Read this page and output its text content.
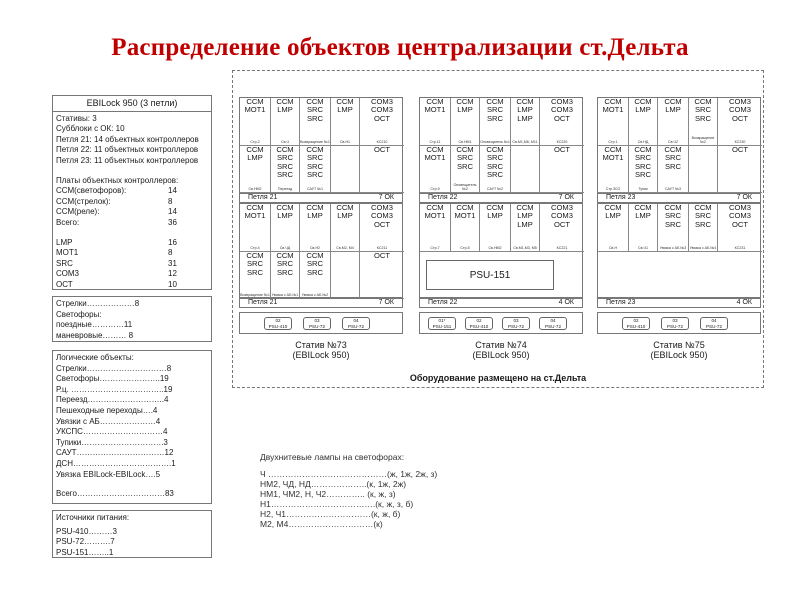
Распределение объектов централизации ст.Дельта
EBILock 950 (3 петли)
Стативы: 3
Субблоки с ОК: 10
Петля 21: 14 объектных контроллеров
Петля 22: 11 объектных контроллеров
Петля 23: 11 объектных контроллеров
Платы объектных контроллеров:
ССМ(светофоров):	14
ССМ(стрелок):	8
ССМ(реле):	14
Всего:	36
LMP	16
МОТ1	8
SRC	31
СОМ3	12
ОСТ	10
Стрелки………………8
Светофоры:
поездные…………11
маневровые……… 8
Логические объекты:
Стрелки…………………………8
Светофоры…………………..19
Р.ц. ……………………………..19
Переезд………………………..4
Пешеходные переходы….4
Увязки с АБ…………………4
УКСПС…………………………4
Тупики………………………….3
САУТ……………………………12
ДСН……………………………….1
Увязка EBILock-EBILock….5
Всего……………………………83
Источники питания:
PSU-410………3
PSU-72……….7
PSU-151……..1
Оборудование размещено на ст.Дельта
CCM
MOT1
Стр.2
CCM
LMP
Св.Ч
CCM
SRC
SRC
Возвращение №1
CCM
LMP
Св.Н1
COM3
COM3
OCT
КС210
CCM
LMP
Св.НМ2
CCM
SRC
SRC
SRC
Переезд
CCM
SRC
SRC
SRC
САУТ №1
OCT
Петля 21	7 ОК
CCM
MOT1
Стр.4
CCM
LMP
Св.ЧД
CCM
LMP
Св.Н2
CCM
LMP
Св.М2, М4
COM3
COM3
OCT
КС211
CCM
SRC
SRC
Возвращение №1
CCM
SRC
SRC
Увязка с АБ №1
CCM
SRC
SRC
Увязка с АБ №2
OCT
Петля 21	7 ОК
02
PSU-410
03
PSU-72
04
PSU-72
Статив №73
(EBILock 950)
CCM
MOT1
Стр.11
CCM
LMP
Св.НМ1
CCM
SRC
SRC
Оповещатель №1
CCM
LMP
LMP
Св.М1,М6, М11
COM3
COM3
OCT
КС220
CCM
MOT1
Стр.9
CCM
SRC
SRC
Оповещатель №2
CCM
SRC
SRC
SRC
САУТ №2
OCT
Петля 22	7 ОК
CCM
MOT1
Стр.7
CCM
MOT1
Стр.5
CCM
LMP
Св.НМ2
CCM
LMP
LMP
Св.М1,М3, М5
COM3
COM3
OCT
КС221
PSU-151
Петля 22	4 ОК
01*
PSU-151
02
PSU-410
03
PSU-72
04
PSU-72
Статив №74
(EBILock 950)
CCM
MOT1
Стр.1
CCM
LMP
Св.НД
CCM
LMP
Св.Ч2
CCM
SRC
SRC
Возвращение №2
COM3
COM3
OCT
КС230
CCM
MOT1
Стр.3СО
CCM
SRC
SRC
SRC
Тупик
CCM
SRC
SRC
САУТ №3
OCT
Петля 23	7 ОК
CCM
LMP
Св.Н
CCM
LMP
Св.Ч1
CCM
SRC
SRC
Увязка с АБ №3
CCM
SRC
SRC
Увязка с АБ №4
COM3
COM3
OCT
КС231
Петля 23	4 ОК
02
PSU-410
03
PSU-72
04
PSU-72
Статив №75
(EBILock 950)
Двухнитевые лампы на светофорах:
Ч ……………………………………(ж, 1ж, 2ж, з)
НМ2, ЧД, НД………………..(к, 1ж, 2ж)
НМ1, ЧМ2, Н, Ч2………….. (к, ж, з)
Н1……………………………….(к, ж, з, б)
Н2, Ч1…………………………(к, ж, б)
М2, М4…………………………(к)
